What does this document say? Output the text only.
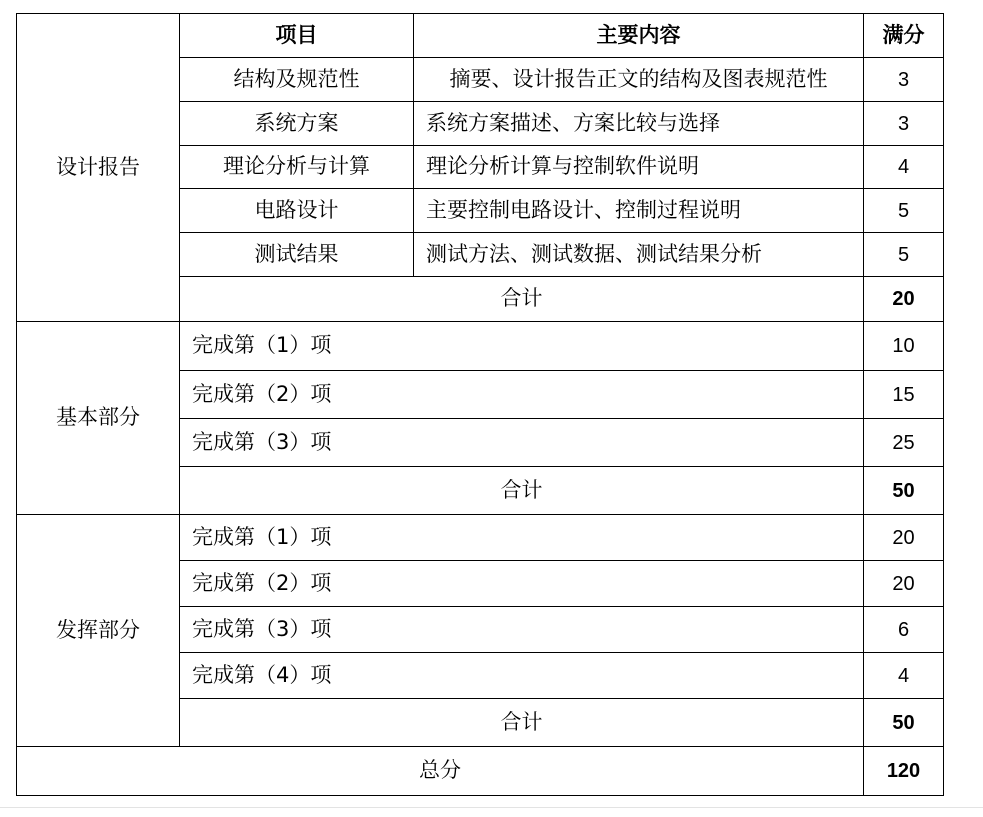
设计报告	项目	主要内容	满分
	结构及规范性	摘要、设计报告正文的结构及图表规范性	3
	系统方案	系统方案描述、方案比较与选择	3
	理论分析与计算	理论分析计算与控制软件说明	4
	电路设计	主要控制电路设计、控制过程说明	5
	测试结果	测试方法、测试数据、测试结果分析	5
	合计		20
基本部分	完成第（1）项		10
	完成第（2）项		15
	完成第（3）项		25
	合计		50
发挥部分	完成第（1）项		20
	完成第（2）项		20
	完成第（3）项		6
	完成第（4）项		4
	合计		50
总分			120
